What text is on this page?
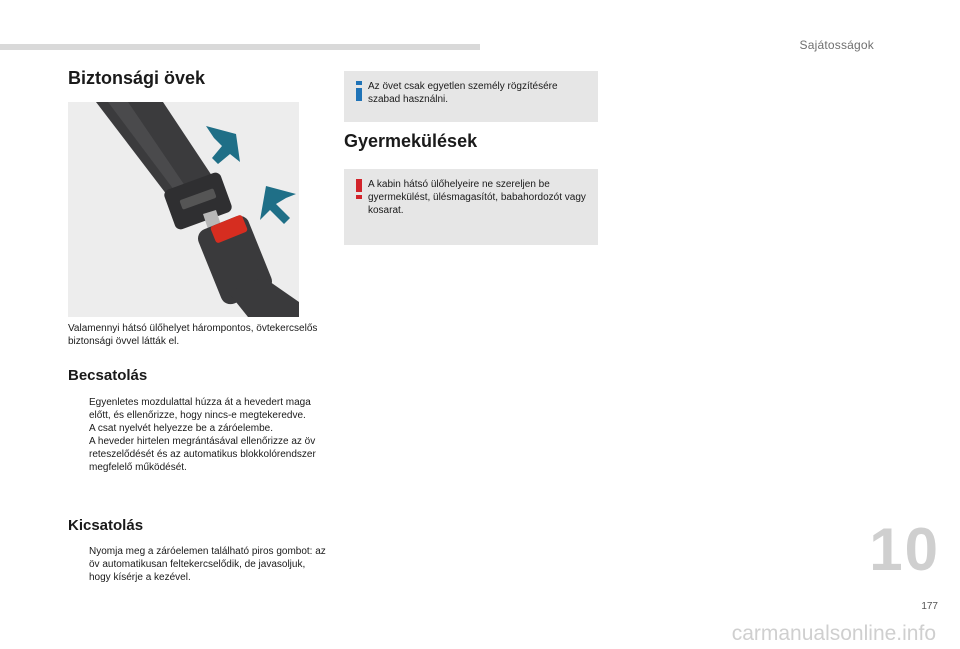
Sajátosságok
Biztonsági övek
Valamennyi hátsó ülőhelyet hárompontos, övtekercselős biztonsági övvel látták el.
Becsatolás
Egyenletes mozdulattal húzza át a hevedert maga előtt, és ellenőrizze, hogy nincs-e megtekeredve.
A csat nyelvét helyezze be a záróelembe.
A heveder hirtelen megrántásával ellenőrizze az öv reteszelődését és az automatikus blokkolórendszer megfelelő működését.
Kicsatolás
Nyomja meg a záróelemen található piros gombot: az öv automatikusan feltekercselődik, de javasoljuk, hogy kísérje a kezével.
Az övet csak egyetlen személy rögzítésére szabad használni.
Gyermekülések
A kabin hátsó ülőhelyeire ne szereljen be gyermekülést, ülésmagasítót, babahordozót vagy kosarat.
10
177
carmanualsonline.info
